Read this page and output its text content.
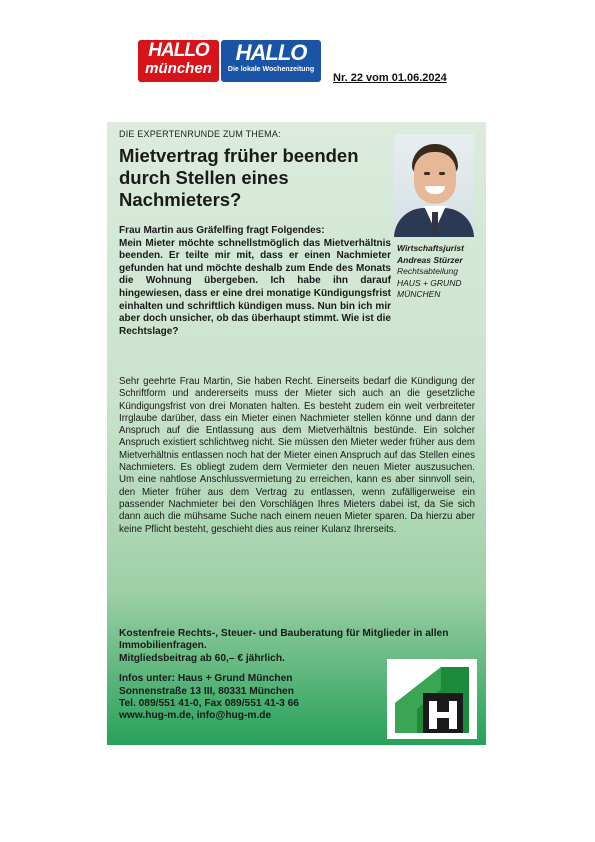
HALLO
münchen
HALLO
Die lokale Wochenzeitung
Nr. 22 vom 01.06.2024
DIE EXPERTENRUNDE ZUM THEMA:
Mietvertrag früher beenden durch Stellen eines Nachmieters?
Wirtschaftsjurist
Andreas Stürzer
Rechtsabteilung
HAUS + GRUND
MÜNCHEN
Frau Martin aus Gräfelfing fragt Folgendes:
Mein Mieter möchte schnellstmöglich das Mietverhältnis beenden. Er teilte mir mit, dass er einen Nachmieter gefunden hat und möchte deshalb zum Ende des Monats die Wohnung übergeben. Ich habe ihn darauf hingewiesen, dass er eine drei monatige Kündigungsfrist einhalten und schriftlich kündigen muss. Nun bin ich mir aber doch unsicher, ob das überhaupt stimmt. Wie ist die Rechtslage?
Sehr geehrte Frau Martin, Sie haben Recht. Einerseits bedarf die Kündigung der Schriftform und andererseits muss der Mieter sich auch an die gesetzliche Kündigungsfrist von drei Monaten halten. Es besteht zudem ein weit verbreiteter Irrglaube darüber, dass ein Mieter einen Nachmieter stellen könne und dann der Anspruch auf die Entlassung aus dem Mietverhältnis bestünde. Ein solcher Anspruch existiert schlichtweg nicht. Sie müssen den Mieter weder früher aus dem Mietverhältnis entlassen noch hat der Mieter einen Anspruch auf das Stellen eines Nachmieters. Es obliegt zudem dem Vermieter den neuen Mieter auszusuchen. Um eine nahtlose Anschlussvermietung zu erreichen, kann es aber sinnvoll sein, den Mieter früher aus dem Vertrag zu entlassen, wenn zufälligerweise ein passender Nachmieter bei den Vorschlägen Ihres Mieters dabei ist, da Sie sich dann auch die mühsame Suche nach einem neuen Mieter sparen. Da hierzu aber keine Pflicht besteht, geschieht dies aus reiner Kulanz Ihrerseits.
Kostenfreie Rechts-, Steuer- und Bauberatung für Mitglieder in allen Immobilienfragen.
Mitgliedsbeitrag ab 60,– € jährlich.
Infos unter: Haus + Grund München
Sonnenstraße 13 III, 80331 München
Tel. 089/551 41-0, Fax 089/551 41-3 66
www.hug-m.de, info@hug-m.de
